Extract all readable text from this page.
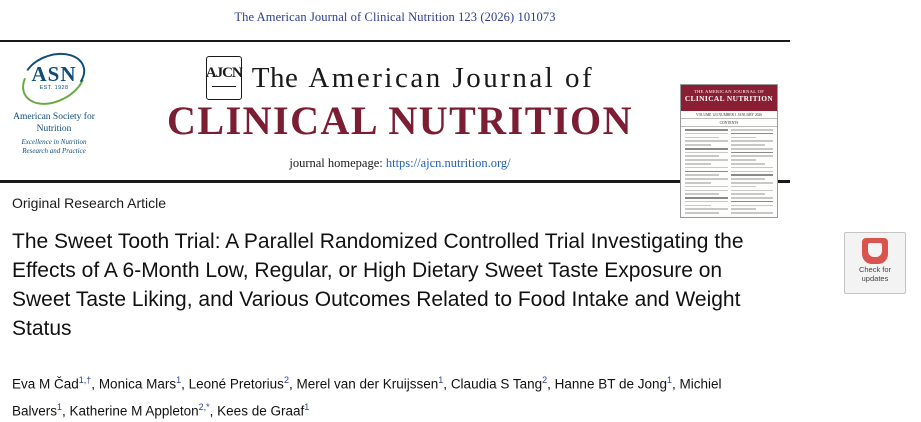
The American Journal of Clinical Nutrition 123 (2026) 101073
ASN
EST. 1928
American Society for Nutrition
Excellence in Nutrition Research and Practice
AJCN The American Journal of
CLINICAL NUTRITION
journal homepage: https://ajcn.nutrition.org/
THE AMERICAN JOURNAL OF
CLINICAL NUTRITION
VOLUME 123 NUMBER 1 JANUARY 2026
CONTENTS
Original Research Article
The Sweet Tooth Trial: A Parallel Randomized Controlled Trial Investigating the Effects of A 6-Month Low, Regular, or High Dietary Sweet Taste Exposure on Sweet Taste Liking, and Various Outcomes Related to Food Intake and Weight Status
Eva M Čad$^{1,\dagger}$, Monica Mars$^1$, Leoné Pretorius$^2$, Merel van der Kruijssen$^1$, Claudia S Tang$^2$, Hanne BT de Jong$^1$, Michiel Balvers$^1$, Katherine M Appleton$^{2,*}$, Kees de Graaf$^1$
Check for
updates
